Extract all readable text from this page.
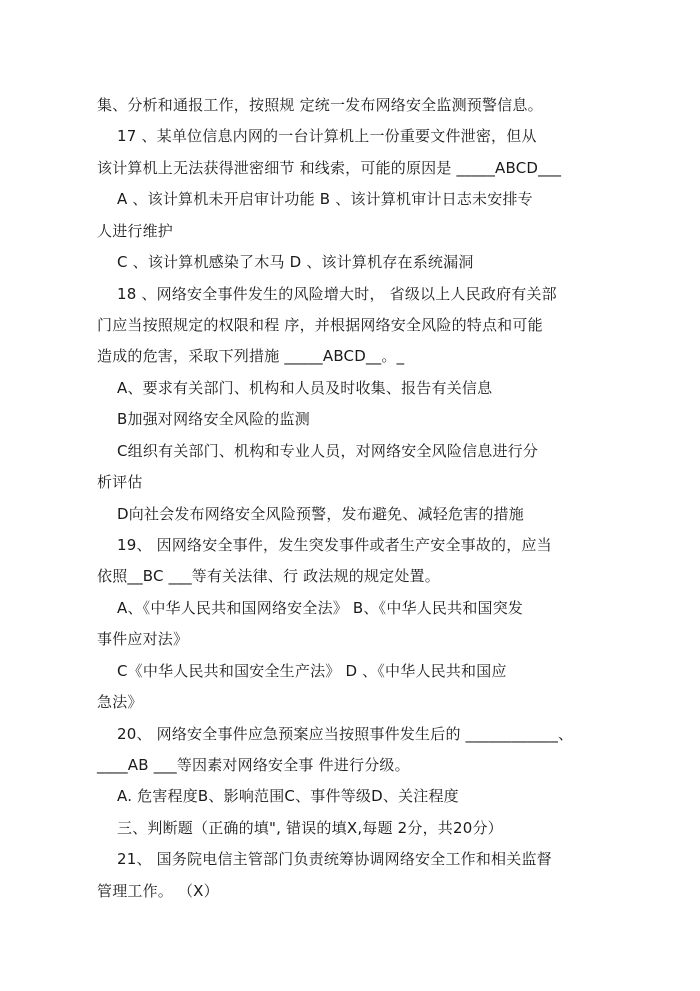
集、分析和通报工作，按照规 定统一发布网络安全监测预警信息。
17 、某单位信息内网的一台计算机上一份重要文件泄密，但从
该计算机上无法获得泄密细节 和线索，可能的原因是 _____ABCD___
A 、该计算机未开启审计功能 B 、该计算机审计日志未安排专
人进行维护
C 、该计算机感染了木马 D 、该计算机存在系统漏洞
18 、网络安全事件发生的风险增大时， 省级以上人民政府有关部
门应当按照规定的权限和程 序，并根据网络安全风险的特点和可能
造成的危害，采取下列措施 _____ABCD__。_
A、要求有关部门、机构和人员及时收集、报告有关信息
B加强对网络安全风险的监测
C组织有关部门、机构和专业人员，对网络安全风险信息进行分
析评估
D向社会发布网络安全风险预警，发布避免、减轻危害的措施
19、 因网络安全事件，发生突发事件或者生产安全事故的，应当
依照__BC ___等有关法律、行 政法规的规定处置。
A、《中华人民共和国网络安全法》 B、《中华人民共和国突发
事件应对法》
C《中华人民共和国安全生产法》 D 、《中华人民共和国应
急法》
20、 网络安全事件应急预案应当按照事件发生后的 ____________、
____AB ___等因素对网络安全事 件进行分级。
A. 危害程度B、影响范围C、事件等级D、关注程度
三、判断题（正确的填", 错误的填X,每题 2分，共20分）
21、 国务院电信主管部门负责统筹协调网络安全工作和相关监督
管理工作。 （X）
